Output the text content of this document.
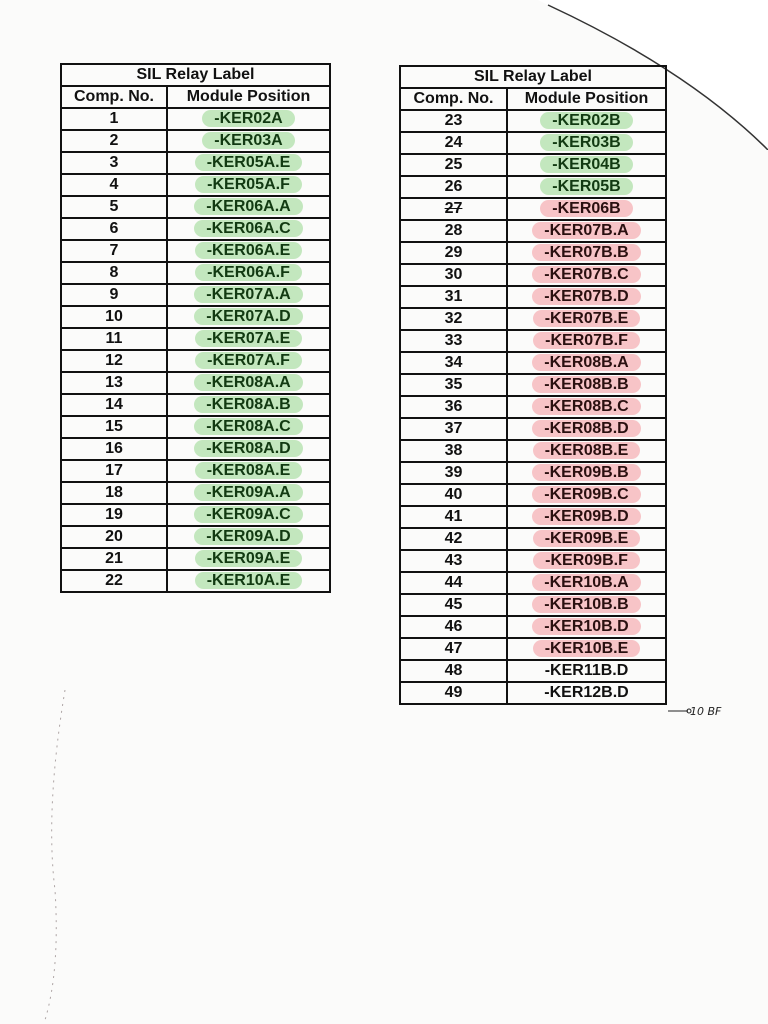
SIL Relay Label	
Comp. No.	Module Position
1	-KER02A
2	-KER03A
3	-KER05A.E
4	-KER05A.F
5	-KER06A.A
6	-KER06A.C
7	-KER06A.E
8	-KER06A.F
9	-KER07A.A
10	-KER07A.D
11	-KER07A.E
12	-KER07A.F
13	-KER08A.A
14	-KER08A.B
15	-KER08A.C
16	-KER08A.D
17	-KER08A.E
18	-KER09A.A
19	-KER09A.C
20	-KER09A.D
21	-KER09A.E
22	-KER10A.E
SIL Relay Label	
Comp. No.	Module Position
23	-KER02B
24	-KER03B
25	-KER04B
26	-KER05B
27	-KER06B
28	-KER07B.A
29	-KER07B.B
30	-KER07B.C
31	-KER07B.D
32	-KER07B.E
33	-KER07B.F
34	-KER08B.A
35	-KER08B.B
36	-KER08B.C
37	-KER08B.D
38	-KER08B.E
39	-KER09B.B
40	-KER09B.C
41	-KER09B.D
42	-KER09B.E
43	-KER09B.F
44	-KER10B.A
45	-KER10B.B
46	-KER10B.D
47	-KER10B.E
48	-KER11B.D
49	-KER12B.D
10 BF
